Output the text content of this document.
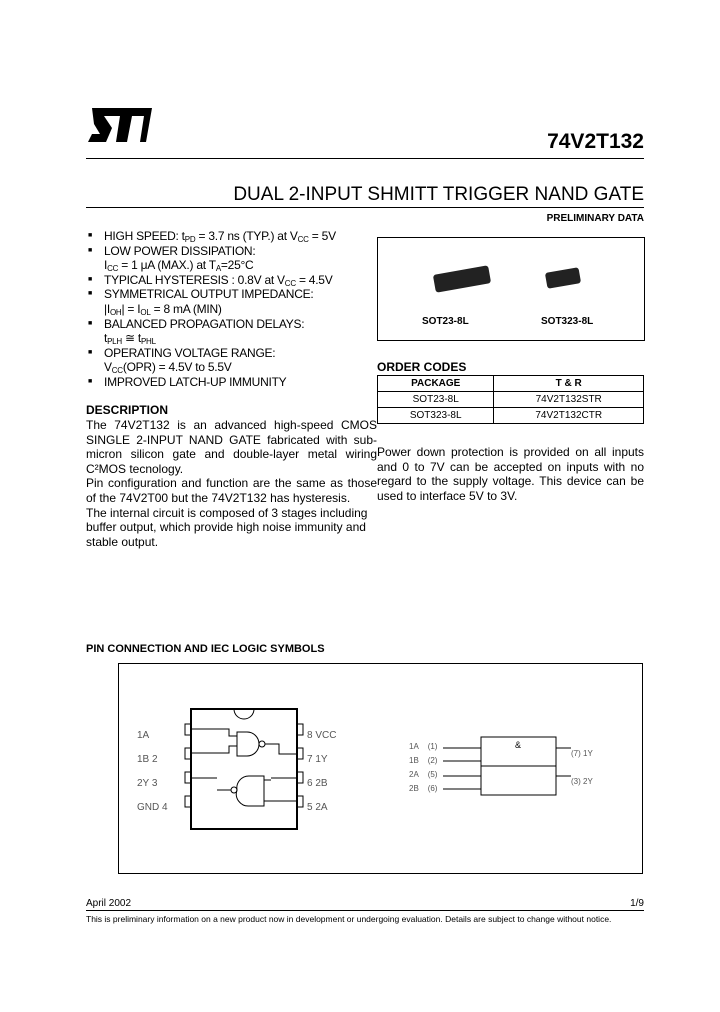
74V2T132
DUAL 2-INPUT SHMITT TRIGGER NAND GATE
PRELIMINARY DATA
■ HIGH SPEED: $t_{PD} = 3.7$ ns (TYP.) at $V_{CC} = 5V$
■ LOW POWER DISSIPATION:
$I_{CC} = 1$ μA (MAX.) at $T_A=25^\circ C$
■ TYPICAL HYSTERESIS : 0.8V at $V_{CC} = 4.5V$
■ SYMMETRICAL OUTPUT IMPEDANCE:
$|I_{OH}| = I_{OL} = 8$ mA (MIN)
■ BALANCED PROPAGATION DELAYS:
$t_{PLH}$ ≅ $t_{PHL}$
■ OPERATING VOLTAGE RANGE:
$V_{CC}(OPR) = 4.5V$ to 5.5V
■ IMPROVED LATCH-UP IMMUNITY
DESCRIPTION
The 74V2T132 is an advanced high-speed CMOS SINGLE 2-INPUT NAND GATE fabricated with sub-micron silicon gate and double-layer metal wiring C²MOS tecnology.
Pin configuration and function are the same as those of the 74V2T00 but the 74V2T132 has hysteresis.
The internal circuit is composed of 3 stages including buffer output, which provide high noise immunity and stable output.
SOT23-8L	SOT323-8L
ORDER CODES
PACKAGE	T & R
SOT23-8L	74V2T132STR
SOT323-8L	74V2T132CTR
Power down protection is provided on all inputs and 0 to 7V can be accepted on inputs with no regard to the supply voltage. This device can be used to interface 5V to 3V.
PIN CONNECTION AND IEC LOGIC SYMBOLS
1A
1B 2
2Y 3
GND 4
8 VCC
7 1Y
6 2B
5 2A
1A (1)
1B (2)
2A (5)
2B (6)
&
(7) 1Y
(3) 2Y
April 2002	1/9
This is preliminary information on a new product now in development or undergoing evaluation. Details are subject to change without notice.
